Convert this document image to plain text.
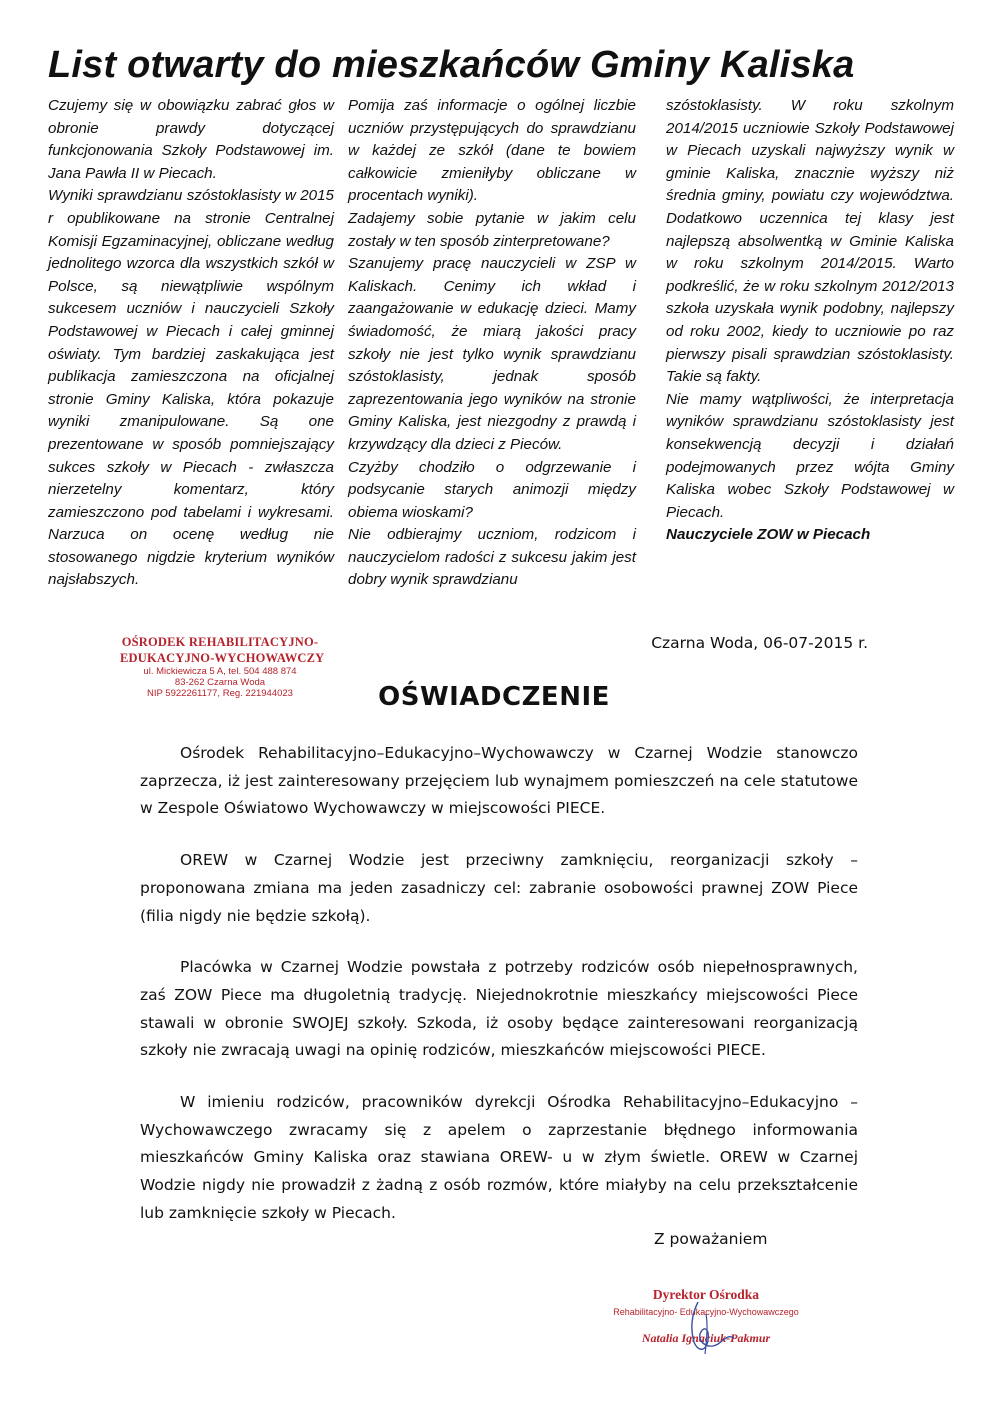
List otwarty do mieszkańców Gminy Kaliska

Czujemy się w obowiązku zabrać głos w obronie prawdy dotyczącej funkcjonowania Szkoły Podstawowej im. Jana Pawła II w Piecach.

Wyniki sprawdzianu szóstoklasisty w 2015 r opublikowane na stronie Centralnej Komisji Egzaminacyjnej, obliczane według jednolitego wzorca dla wszystkich szkół w Polsce, są niewątpliwie wspólnym sukcesem uczniów i nauczycieli Szkoły Podstawowej w Piecach i całej gminnej oświaty. Tym bardziej zaskakująca jest publikacja zamieszczona na oficjalnej stronie Gminy Kaliska, która pokazuje wyniki zmanipulowane. Są one prezentowane w sposób pomniejszający sukces szkoły w Piecach - zwłaszcza nierzetelny komentarz, który zamieszczono pod tabelami i wykresami. Narzuca on ocenę według nie stosowanego nigdzie kryterium wyników najsłabszych.

Pomija zaś informacje o ogólnej liczbie uczniów przystępujących do sprawdzianu w każdej ze szkół (dane te bowiem całkowicie zmieniłyby obliczane w procentach wyniki).

Zadajemy sobie pytanie w jakim celu zostały w ten sposób zinterpretowane?

Szanujemy pracę nauczycieli w ZSP w Kaliskach. Cenimy ich wkład i zaangażowanie w edukację dzieci. Mamy świadomość, że miarą jakości pracy szkoły nie jest tylko wynik sprawdzianu szóstoklasisty, jednak sposób zaprezentowania jego wyników na stronie Gminy Kaliska, jest niezgodny z prawdą i krzywdzący dla dzieci z Pieców.

Czyżby chodziło o odgrzewanie i podsycanie starych animozji między obiema wioskami?

Nie odbierajmy uczniom, rodzicom i nauczycielom radości z sukcesu jakim jest dobry wynik sprawdzianu

szóstoklasisty. W roku szkolnym 2014/2015 uczniowie Szkoły Podstawowej w Piecach uzyskali najwyższy wynik w gminie Kaliska, znacznie wyższy niż średnia gminy, powiatu czy województwa. Dodatkowo uczennica tej klasy jest najlepszą absolwentką w Gminie Kaliska w roku szkolnym 2014/2015. Warto podkreślić, że w roku szkolnym 2012/2013 szkoła uzyskała wynik podobny, najlepszy od roku 2002, kiedy to uczniowie po raz pierwszy pisali sprawdzian szóstoklasisty. Takie są fakty.

Nie mamy wątpliwości, że interpretacja wyników sprawdzianu szóstoklasisty jest konsekwencją decyzji i działań podejmowanych przez wójta Gminy Kaliska wobec Szkoły Podstawowej w Piecach.

Nauczyciele ZOW w Piecach

OŚRODEK REHABILITACYJNO-
EDUKACYJNO-WYCHOWAWCZY
ul. Mickiewicza 5 A, tel. 504 488 874
83-262 Czarna Woda
NIP 5922261177, Reg. 221944023
Czarna Woda, 06-07-2015 r.
OŚWIADCZENIE

Ośrodek Rehabilitacyjno–Edukacyjno–Wychowawczy w Czarnej Wodzie stanowczo zaprzecza, iż jest zainteresowany przejęciem lub wynajmem pomieszczeń na cele statutowe w Zespole Oświatowo Wychowawczy w miejscowości PIECE.

OREW w Czarnej Wodzie jest przeciwny zamknięciu, reorganizacji szkoły – proponowana zmiana ma jeden zasadniczy cel: zabranie osobowości prawnej ZOW Piece (filia nigdy nie będzie szkołą).

Placówka w Czarnej Wodzie powstała z potrzeby rodziców osób niepełnosprawnych, zaś ZOW Piece ma długoletnią tradycję. Niejednokrotnie mieszkańcy miejscowości Piece stawali w obronie SWOJEJ szkoły. Szkoda, iż osoby będące zainteresowani reorganizacją szkoły nie zwracają uwagi na opinię rodziców, mieszkańców miejscowości PIECE.

W imieniu rodziców, pracowników dyrekcji Ośrodka Rehabilitacyjno–Edukacyjno – Wychowawczego zwracamy się z apelem o zaprzestanie błędnego informowania mieszkańców Gminy Kaliska oraz stawiana OREW- u w złym świetle. OREW w Czarnej Wodzie nigdy nie prowadził z żadną z osób rozmów, które miałyby na celu przekształcenie lub zamknięcie szkoły w Piecach.

Z poważaniem
Dyrektor Ośrodka
Rehabilitacyjno- Edukacyjno-Wychowawczego
Natalia Ignaciuk-Pakmur
